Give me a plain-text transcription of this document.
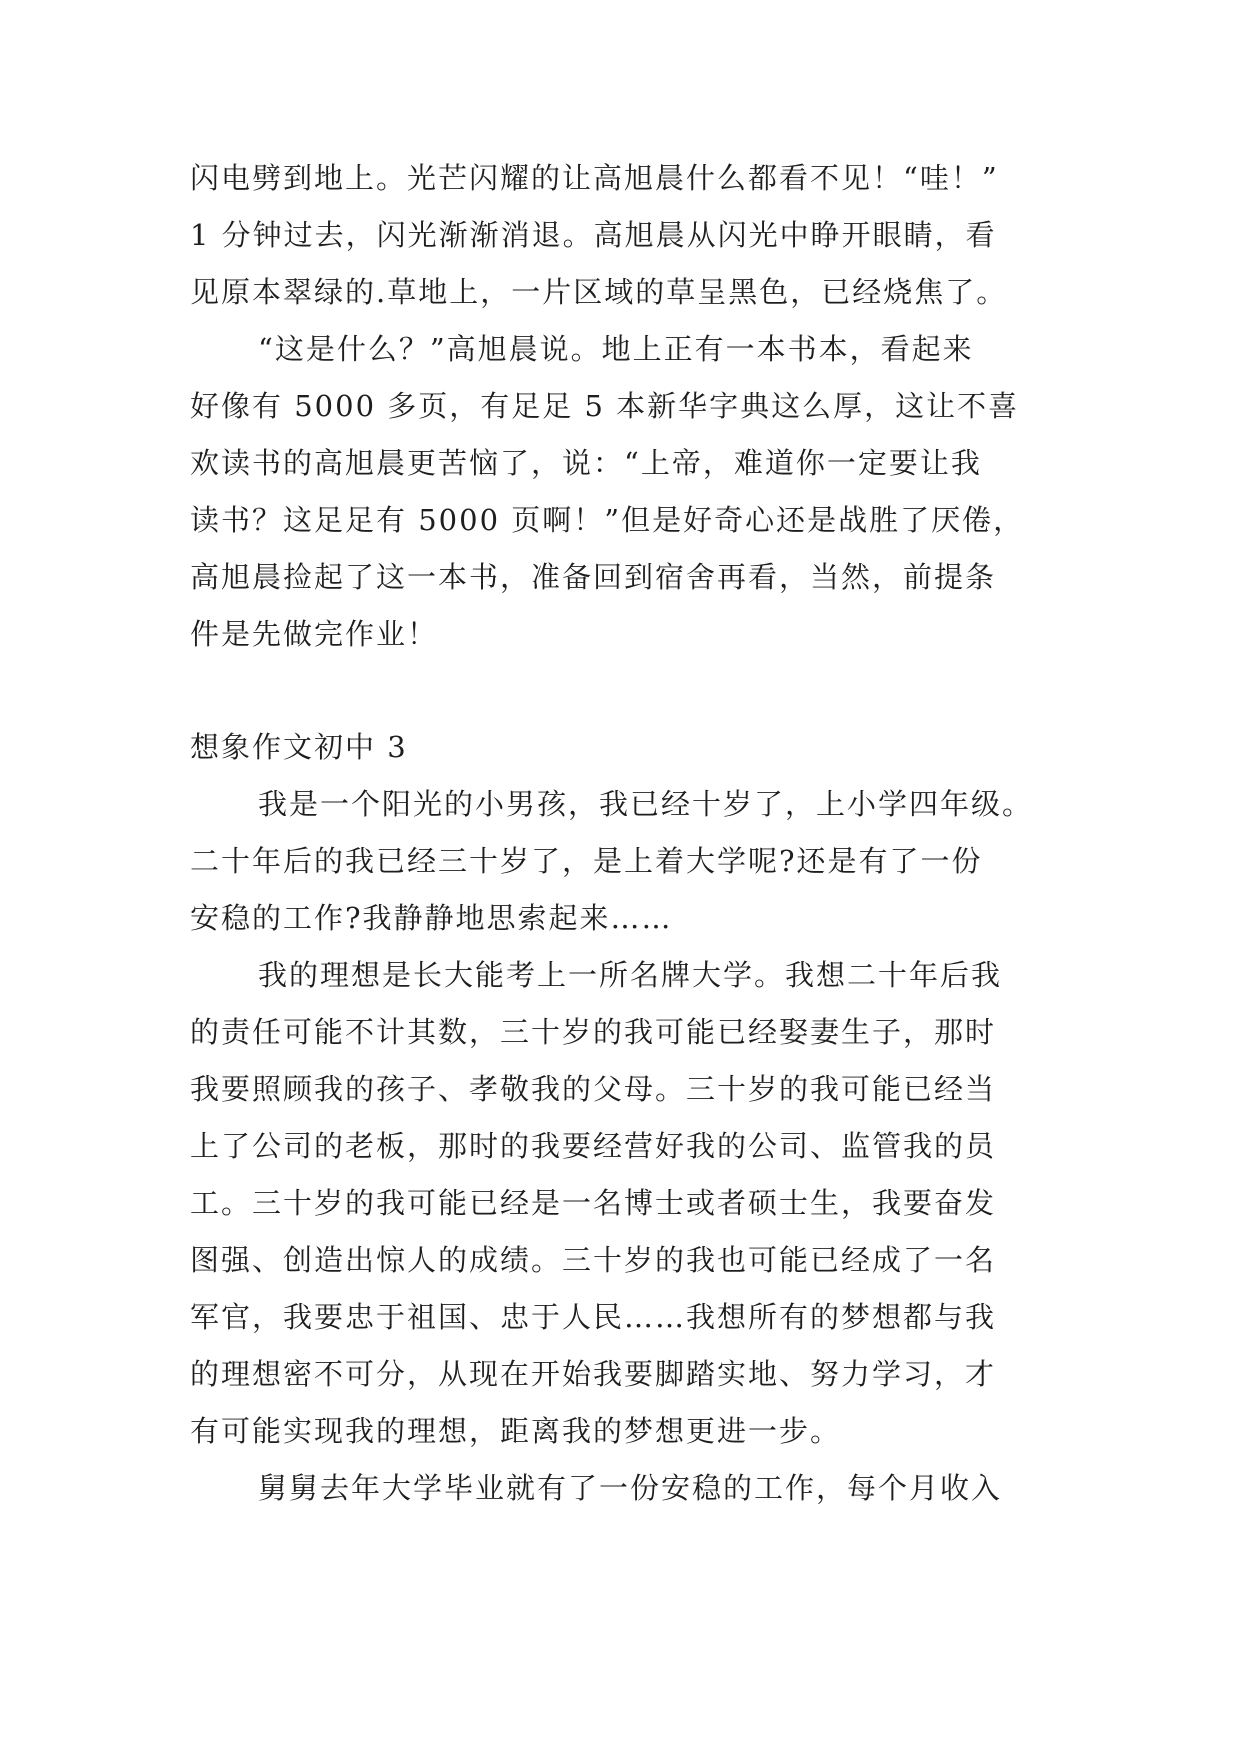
闪电劈到地上。光芒闪耀的让高旭晨什么都看不见！“哇！”
1 分钟过去，闪光渐渐消退。高旭晨从闪光中睁开眼睛，看
见原本翠绿的.草地上，一片区域的草呈黑色，已经烧焦了。
“这是什么？”高旭晨说。地上正有一本书本，看起来
好像有 5000 多页，有足足 5 本新华字典这么厚，这让不喜
欢读书的高旭晨更苦恼了，说：“上帝，难道你一定要让我
读书？这足足有 5000 页啊！”但是好奇心还是战胜了厌倦，
高旭晨捡起了这一本书，准备回到宿舍再看，当然，前提条
件是先做完作业！
想象作文初中 3
我是一个阳光的小男孩，我已经十岁了，上小学四年级。
二十年后的我已经三十岁了，是上着大学呢?还是有了一份
安稳的工作?我静静地思索起来……
我的理想是长大能考上一所名牌大学。我想二十年后我
的责任可能不计其数，三十岁的我可能已经娶妻生子，那时
我要照顾我的孩子、孝敬我的父母。三十岁的我可能已经当
上了公司的老板，那时的我要经营好我的公司、监管我的员
工。三十岁的我可能已经是一名博士或者硕士生，我要奋发
图强、创造出惊人的成绩。三十岁的我也可能已经成了一名
军官，我要忠于祖国、忠于人民……我想所有的梦想都与我
的理想密不可分，从现在开始我要脚踏实地、努力学习，才
有可能实现我的理想，距离我的梦想更进一步。
舅舅去年大学毕业就有了一份安稳的工作，每个月收入
